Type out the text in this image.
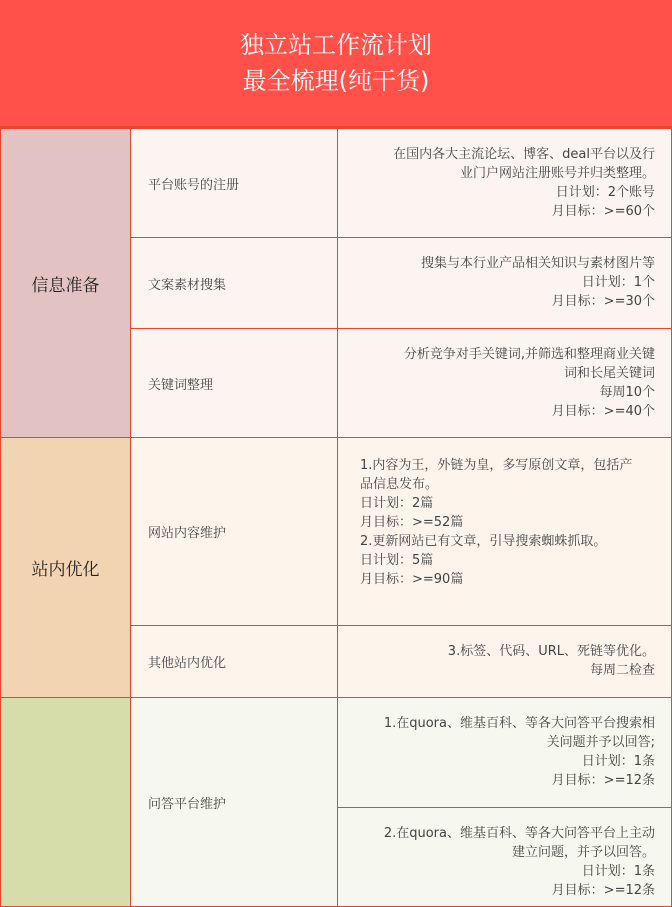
独立站工作流计划
最全梳理(纯干货)
信息准备
平台账号的注册
在国内各大主流论坛、博客、deal平台以及行
业门户网站注册账号并归类整理。
日计划：2个账号
月目标：>=60个
文案素材搜集
搜集与本行业产品相关知识与素材图片等
日计划：1个
月目标：>=30个
关键词整理
分析竞争对手关键词,并筛选和整理商业关键
词和长尾关键词
每周10个
月目标：>=40个
站内优化
网站内容维护
1.内容为王，外链为皇，多写原创文章，包括产
品信息发布。
日计划：2篇
月目标：>=52篇
2.更新网站已有文章，引导搜索蜘蛛抓取。
日计划：5篇
月目标：>=90篇
其他站内优化
3.标签、代码、URL、死链等优化。
每周二检查
问答平台维护
1.在quora、维基百科、等各大问答平台搜索相
关问题并予以回答;
日计划：1条
月目标：>=12条
2.在quora、维基百科、等各大问答平台上主动
建立问题，并予以回答。
日计划：1条
月目标：>=12条
